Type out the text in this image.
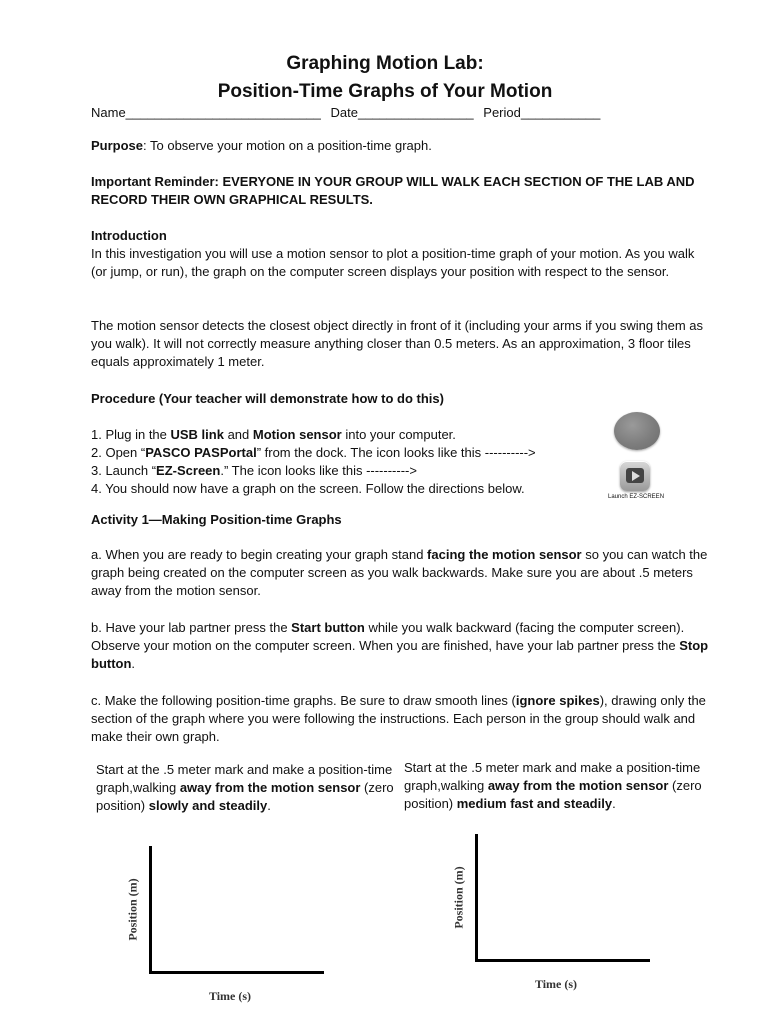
Graphing Motion Lab:
Position-Time Graphs of Your Motion
Name___________________________ Date________________ Period___________
Purpose: To observe your motion on a position-time graph.
Important Reminder: EVERYONE IN YOUR GROUP WILL WALK EACH SECTION OF THE LAB AND
RECORD THEIR OWN GRAPHICAL RESULTS.
Introduction
In this investigation you will use a motion sensor to plot a position-time graph of your motion. As you walk (or jump, or run), the graph on the computer screen displays your position with respect to the sensor.
The motion sensor detects the closest object directly in front of it (including your arms if you swing them as you walk). It will not correctly measure anything closer than 0.5 meters. As an approximation, 3 floor tiles equals approximately 1 meter.
Procedure (Your teacher will demonstrate how to do this)
1. Plug in the USB link and Motion sensor into your computer.
2. Open “PASCO PASPortal” from the dock. The icon looks like this ---------->
3. Launch “EZ-Screen.” The icon looks like this ---------->
4. You should now have a graph on the screen. Follow the directions below.
Launch EZ-SCREEN
Activity 1—Making Position-time Graphs
a. When you are ready to begin creating your graph stand facing the motion sensor so you can watch the graph being created on the computer screen as you walk backwards. Make sure you are about .5 meters away from the motion sensor.
b. Have your lab partner press the Start button while you walk backward (facing the computer screen). Observe your motion on the computer screen. When you are finished, have your lab partner press the Stop button.
c. Make the following position-time graphs. Be sure to draw smooth lines (ignore spikes), drawing only the section of the graph where you were following the instructions. Each person in the group should walk and make their own graph.
Start at the .5 meter mark and make a position-time graph,walking away from the motion sensor (zero position) slowly and steadily.
Start at the .5 meter mark and make a position-time graph,walking away from the motion sensor (zero position) medium fast and steadily.
Position (m)
Time (s)
Position (m)
Time (s)
